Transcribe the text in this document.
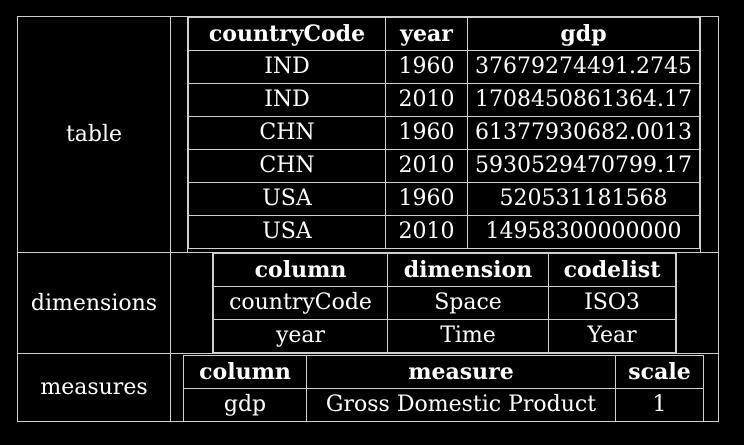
table
countryCode	year	gdp
IND	1960	37679274491.2745
IND	2010	1708450861364.17
CHN	1960	61377930682.0013
CHN	2010	5930529470799.17
USA	1960	520531181568
USA	2010	14958300000000
dimensions
column	dimension	codelist
countryCode	Space	ISO3
year	Time	Year
measures
column	measure	scale
gdp	Gross Domestic Product	1
